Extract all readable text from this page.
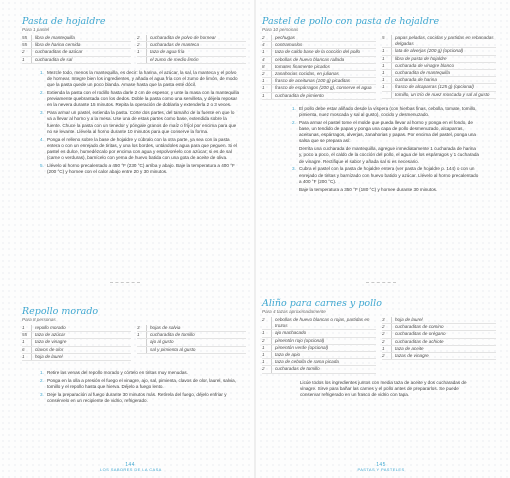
Pasta de hojaldre
Para 1 pastel
55	libra de mantequilla
55	libra de harina cernida
2	cucharaditas de azúcar
1	cucharadita de sal
2	cucharadita de polvo de hornear
2	cucharadas de manteca
1	taza de agua fría
el zumo de medio limón
1. Mezcle todo, menos la mantequilla, es decir: la harina, el azúcar, la sal, la manteca y el polvo de hornear. Integre bien los ingredientes, y añada el agua fría con el zumo de limón, de modo que la pasta quede un poco blanda. Amase hasta que la pasta esté dócil.
2. Extienda la pasta con el rodillo hasta darle 2 cm de espesor, y unte la masa con la mantequilla previamente quebrantada con los dedos. Doble la pasta como una servilleta, y déjela reposar en la nevera durante 15 minutos. Repita la operación de doblarla y extenderla 2 o 3 veces.
3. Para armar un pastel, extienda la pasta. Corte dos partes, del tamaño de la fuente en que lo va a llevar al horno y a la mesa. Use una de estas partes como base, extendida sobre la fuente. Chuce la pasta con un tenedor y póngale granos de maíz o fríjol por encima para que no se levante. Llévela al horno durante 10 minutos para que conserve la forma.
4. Ponga el relleno sobre la base de hojaldre y cúbralo con la otra parte, ya sea con la pasta entera o con un enrejado de tiritas, y una los bordes, untándoles agua para que peguen. Si el pastel es dulce, humedézcalo por encima con agua y espolvoréelo con azúcar; si es de sal (carne o verduras), barnícelo con yema de huevo batida con una gota de aceite de oliva.
5. Llévelo al horno precalentado a 450 °F (230 °C) arriba y abajo. Baje la temperatura a 400 °F (200 °C) y hornee con el calor abajo entre 20 y 30 minutos.
Repollo morado
Para 8 personas
1	repollo morado
55	taza de azúcar
1	taza de vinagre
6	clavos de olor
1	hoja de laurel
3	hojas de salvia
1	cucharadita de tomillo
ajo al gusto
sal y pimienta al gusto
1. Retire las venas del repollo morado y córtelo en tiritas muy menudas.
2. Ponga en la olla a presión el fuego el vinagre, ajo, sal, pimienta, clavos de olor, laurel, salvia, tomillo y el repollo hasta que hierva. Déjelo a fuego lento.
3. Deje la preparación al fuego durante 30 minutos más. Retírela del fuego, déjelo enfriar y consérvelo en un recipiente de vidrio, refrigerado.
144
LOS SABORES DE LA CASA
Pastel de pollo con pasta de hojaldre
Para 10 personas
2	pechugas
4	contramuslos
1	taza de caldo base de la cocción del pollo
4	cebollas de huevo blancas rallada
8	tomates finamente picados
2	zanahorias cocidas, en julianas
1	frasco de aceitunas (100 g) picaditas
1	frasco de espárragos (200 g), conserve el agua
1	cucharadita de pimiento
5	papas peladas, cocidas y partidas en rebanadas delgadas
1	lata de alverjas (200 g) (opcional)
1	libra de pasta de hojaldre
1	cucharada de vinagre blanco
1	cucharadita de mantequilla
1	cucharada de harina
1	frasco de alcaparras (125 g) (opcional)
tomillo, un trío de nuez moscada y sal al gusto
1. El pollo debe estar aliñado desde la víspera (con hierbas finas, cebolla, tomate, tomillo, pimienta, nuez moscada y sal al gusto), cocido y desmenuzado.
2. Para armar el pastel tome el molde que pueda llevar al horno y ponga en el fondo, de base, un tendido de papas y ponga una capa de pollo desmenuzado, alcaparras, aceitunas, espárragos, alverjas, zanahorias y papas. Por encima del pastel, ponga una salsa que se prepara así:
Derrita una cucharada de mantequilla, agregue inmediatamente 1 cucharada de harina y, poco a poco, el caldo de la cocción del pollo, el agua de los espárragos y 1 cucharada de vinagre. Rectifique el sabor y añada sal si es necesario.
3. Cubra el pastel con la pasta de hojaldre entera (ver pasta de hojaldre p. 144) o con un enrejado de tiritas y barnízado con huevo batido y azúcar. Llévelo al horno precalentado a 400 °F (200 °C).
Baje la temperatura a 350 °F (180 °C) y hornee durante 30 minutos.
Aliño para carnes y pollo
Para 4 tazas aproximadamente
2	cebollas de huevo blancas o rojas, partidas en trozos
1	ajo machacado
2	pimentón rojo (opcional)
1	pimentón verde (opcional)
1	taza de apio
1	taza de cebolla de rama picada
2	cucharadas de tomillo
3	hoja de laurel
2	cucharaditas de comino
2	cucharaditas de orégano
2	cucharaditas de achiote
1	taza de aceite
2	tazas de vinagre
Licúe todos los ingredientes juntos con media taza de aceite y dos cucharadas de vinagre. Sirve para bañar las carnes y el pollo antes de prepararlos. Se puede conservar refrigerado en un frasco de vidrio con tapa.
145
PASTAS Y PASTELES
